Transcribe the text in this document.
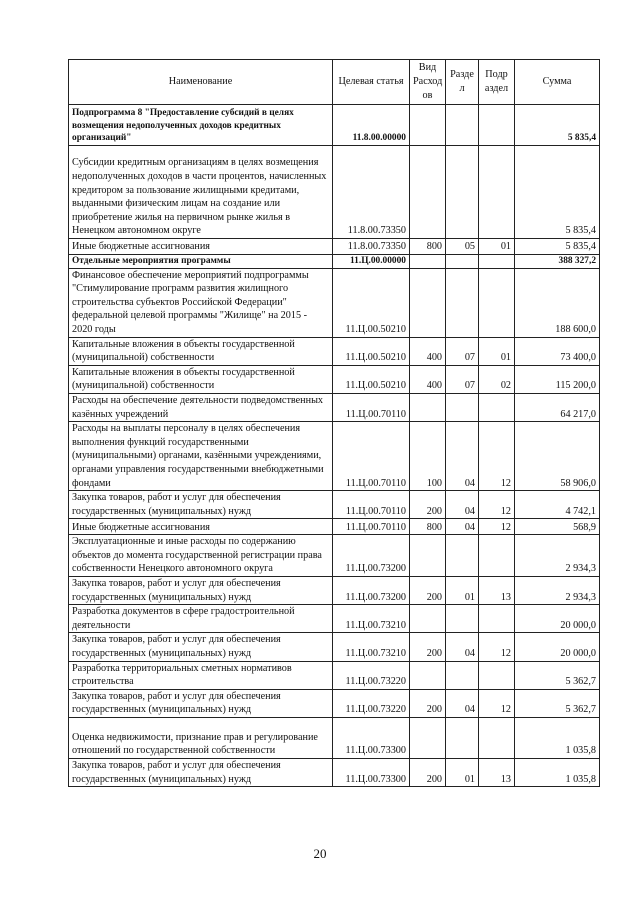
Наименование	Целевая статья	Вид Расход ов	Разде л	Подр аздел	Сумма
Подпрограмма 8 "Предоставление субсидий в целях возмещения недополученных доходов кредитных организаций"	11.8.00.00000				5 835,4
Субсидии кредитным организациям в целях возмещения недополученных доходов в части процентов, начисленных кредитором за пользование жилищными кредитами, выданными физическим лицам на создание или приобретение жилья на первичном рынке жилья в Ненецком автономном округе	11.8.00.73350				5 835,4
Иные бюджетные ассигнования	11.8.00.73350	800	05	01	5 835,4
Отдельные мероприятия программы	11.Ц.00.00000				388 327,2
Финансовое обеспечение мероприятий подпрограммы "Стимулирование программ развития жилищного строительства субъектов Российской Федерации" федеральной целевой программы "Жилище" на 2015 - 2020 годы	11.Ц.00.50210				188 600,0
Капитальные вложения в объекты государственной (муниципальной) собственности	11.Ц.00.50210	400	07	01	73 400,0
Капитальные вложения в объекты государственной (муниципальной) собственности	11.Ц.00.50210	400	07	02	115 200,0
Расходы на обеспечение деятельности подведомственных казённых учреждений	11.Ц.00.70110				64 217,0
Расходы на выплаты персоналу в целях обеспечения выполнения функций государственными (муниципальными) органами, казёнными учреждениями, органами управления государственными внебюджетными фондами	11.Ц.00.70110	100	04	12	58 906,0
Закупка товаров, работ и услуг для обеспечения государственных (муниципальных) нужд	11.Ц.00.70110	200	04	12	4 742,1
Иные бюджетные ассигнования	11.Ц.00.70110	800	04	12	568,9
Эксплуатационные и иные расходы по содержанию объектов до момента государственной регистрации права собственности Ненецкого автономного округа	11.Ц.00.73200				2 934,3
Закупка товаров, работ и услуг для обеспечения государственных (муниципальных) нужд	11.Ц.00.73200	200	01	13	2 934,3
Разработка документов в сфере градостроительной деятельности	11.Ц.00.73210				20 000,0
Закупка товаров, работ и услуг для обеспечения государственных (муниципальных) нужд	11.Ц.00.73210	200	04	12	20 000,0
Разработка территориальных сметных нормативов строительства	11.Ц.00.73220				5 362,7
Закупка товаров, работ и услуг для обеспечения государственных (муниципальных) нужд	11.Ц.00.73220	200	04	12	5 362,7
Оценка недвижимости, признание прав и регулирование отношений по государственной собственности	11.Ц.00.73300				1 035,8
Закупка товаров, работ и услуг для обеспечения государственных (муниципальных) нужд	11.Ц.00.73300	200	01	13	1 035,8
20
